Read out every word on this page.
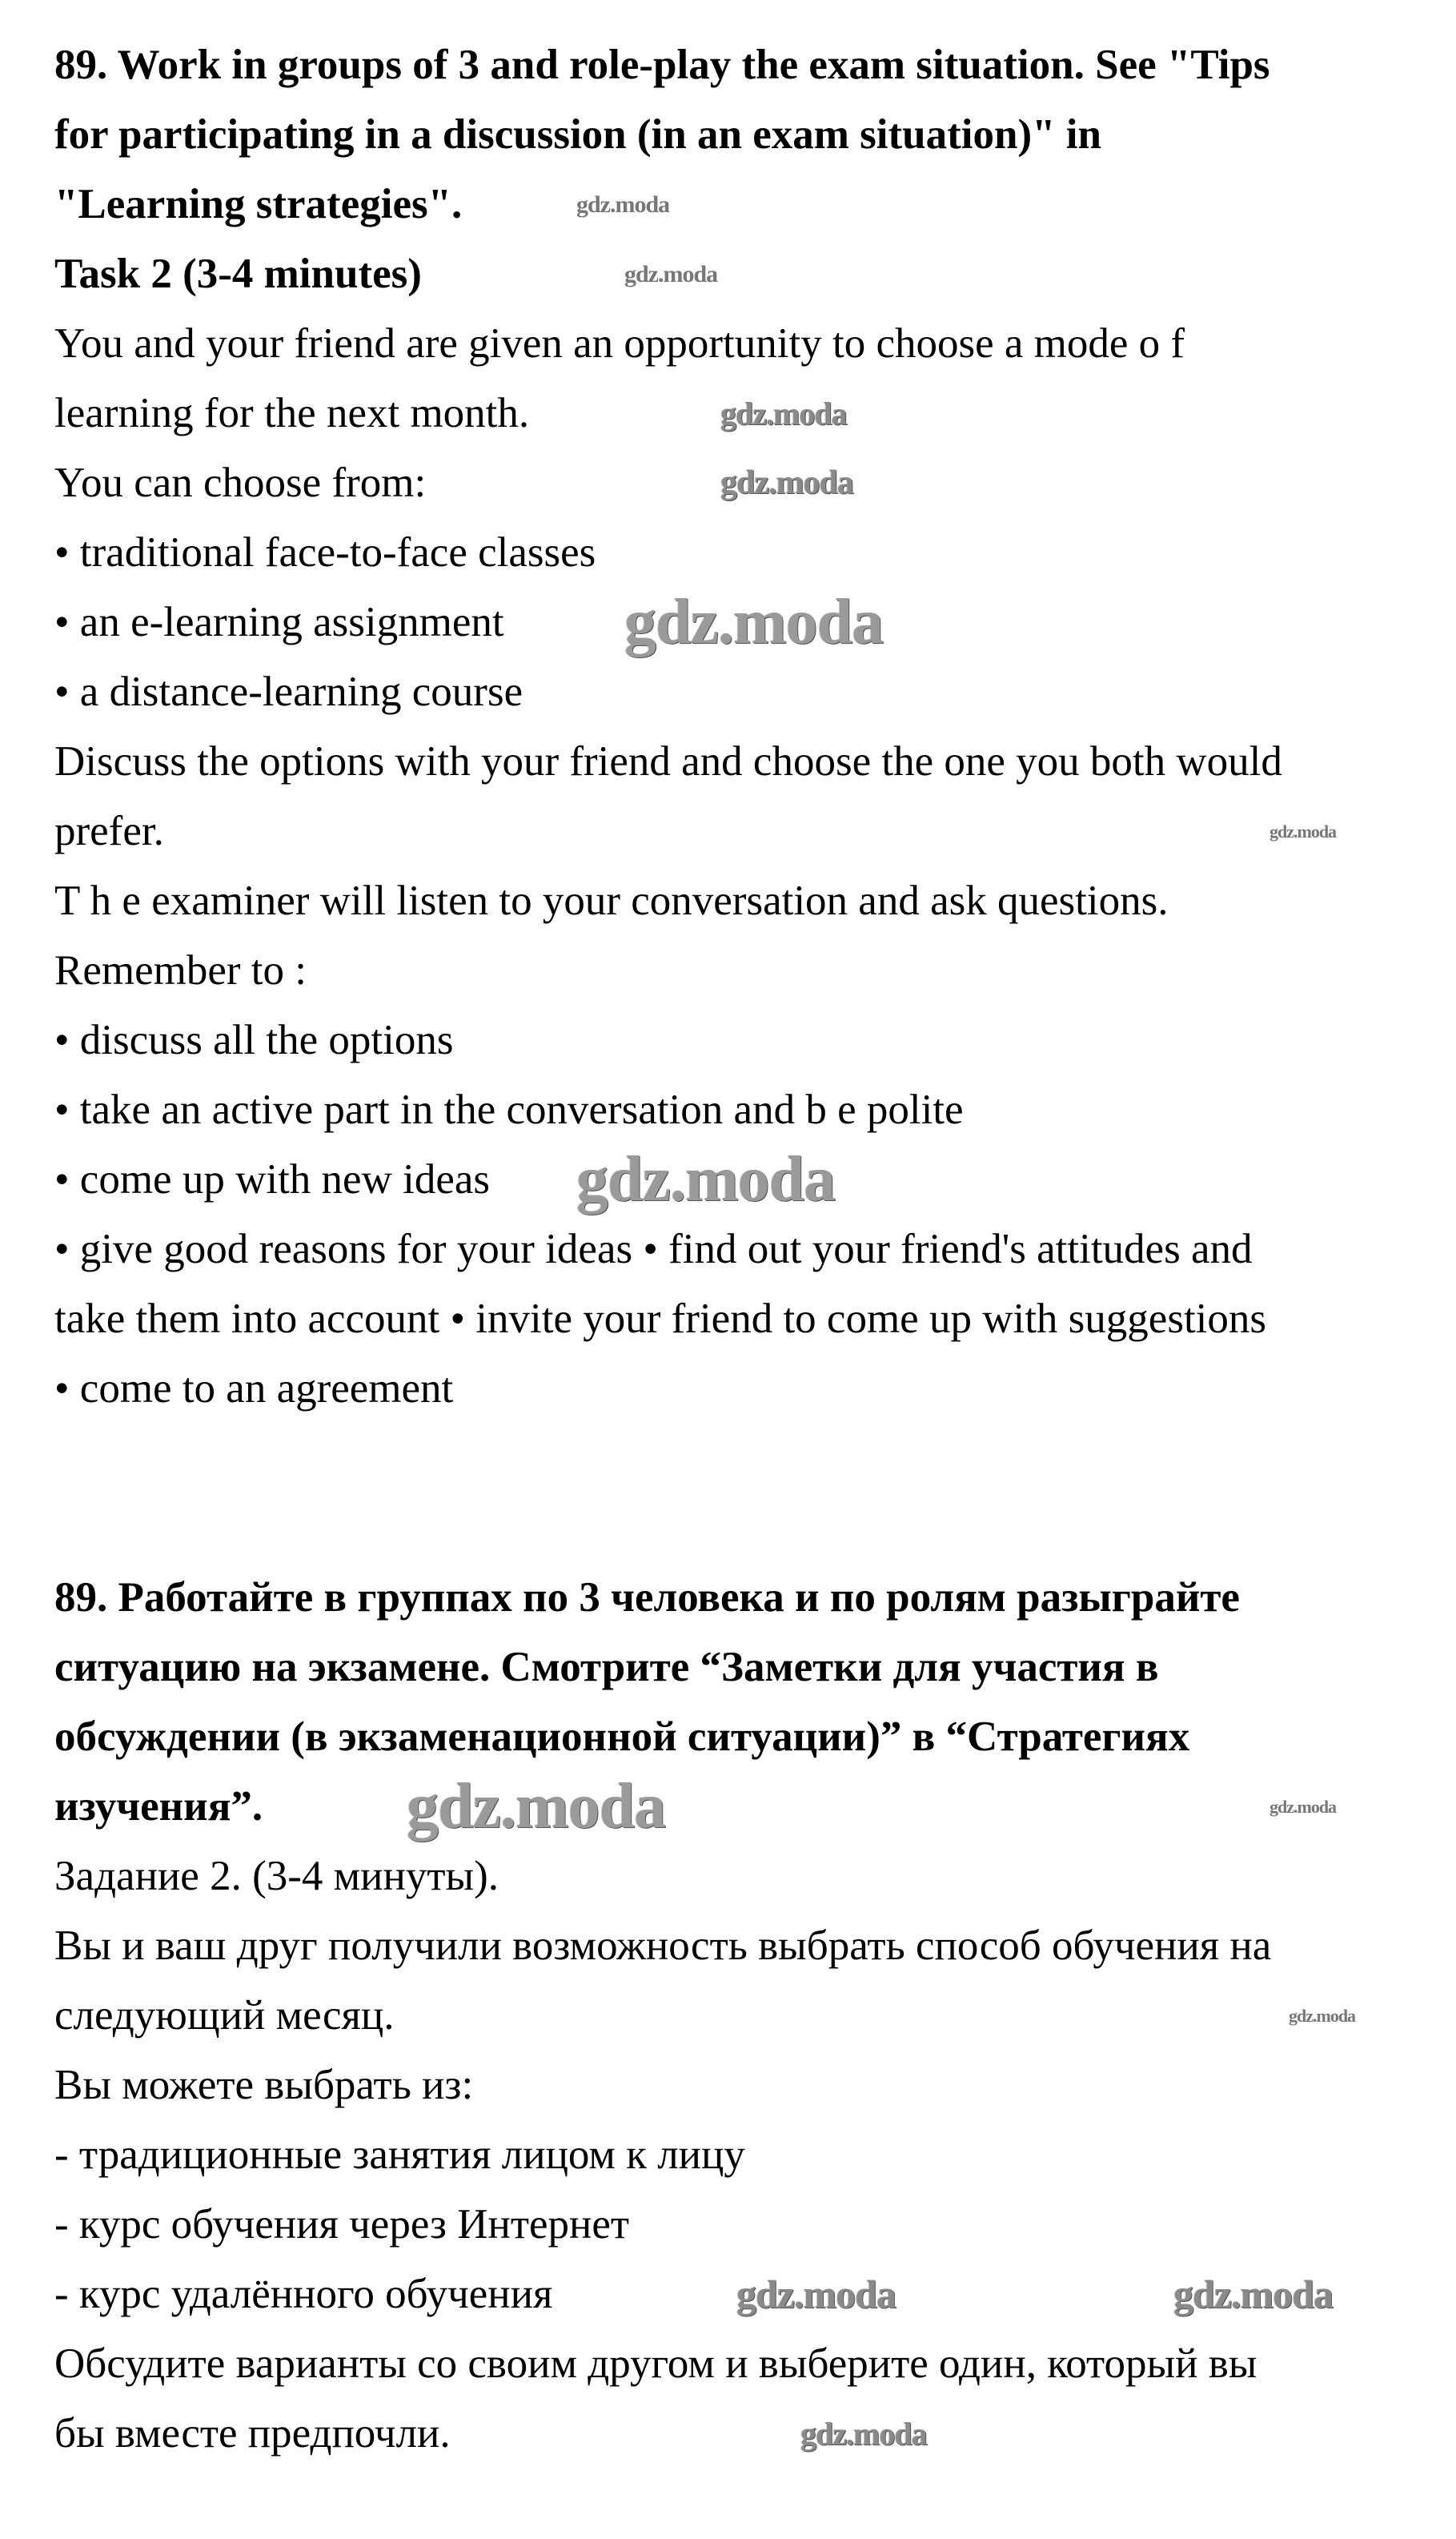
89. Work in groups of 3 and role-play the exam situation. See "Tips
for participating in a discussion (in an exam situation)" in
"Learning strategies".
Task 2 (3-4 minutes)
You and your friend are given an opportunity to choose a mode o f
learning for the next month.
You can choose from:
• traditional face-to-face classes
• an e-learning assignment
• a distance-learning course
Discuss the options with your friend and choose the one you both would
prefer.
T h e examiner will listen to your conversation and ask questions.
Remember to :
• discuss all the options
• take an active part in the conversation and b e polite
• come up with new ideas
• give good reasons for your ideas • find out your friend's attitudes and
take them into account • invite your friend to come up with suggestions
• come to an agreement
89. Работайте в группах по 3 человека и по ролям разыграйте
ситуацию на экзамене. Смотрите “Заметки для участия в
обсуждении (в экзаменационной ситуации)” в “Стратегиях
изучения”.
Задание 2. (3-4 минуты).
Вы и ваш друг получили возможность выбрать способ обучения на
следующий месяц.
Вы можете выбрать из:
- традиционные занятия лицом к лицу
- курс обучения через Интернет
- курс удалённого обучения
Обсудите варианты со своим другом и выберите один, который вы
бы вместе предпочли.
gdz.moda
gdz.moda
gdz.moda
gdz.moda
gdz.moda
gdz.moda
gdz.moda
gdz.moda	gdz.moda
gdz.moda
gdz.moda
gdz.moda	gdz.moda
